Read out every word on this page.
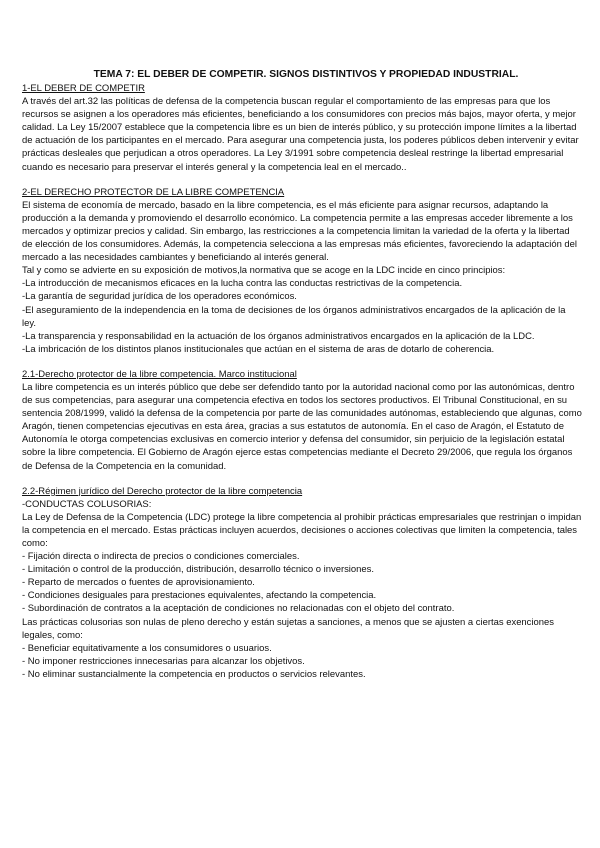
TEMA 7: EL DEBER DE COMPETIR. SIGNOS DISTINTIVOS Y PROPIEDAD INDUSTRIAL.

1-EL DEBER DE COMPETIR

A través del art.32 las políticas de defensa de la competencia buscan regular el comportamiento de las empresas para que los recursos se asignen a los operadores más eficientes, beneficiando a los consumidores con precios más bajos, mayor oferta, y mejor calidad. La Ley 15/2007 establece que la competencia libre es un bien de interés público, y su protección impone límites a la libertad de actuación de los participantes en el mercado. Para asegurar una competencia justa, los poderes públicos deben intervenir y evitar prácticas desleales que perjudican a otros operadores. La Ley 3/1991 sobre competencia desleal restringe la libertad empresarial cuando es necesario para preservar el interés general y la competencia leal en el mercado..

2-EL DERECHO PROTECTOR DE LA LIBRE COMPETENCIA

El sistema de economía de mercado, basado en la libre competencia, es el más eficiente para asignar recursos, adaptando la producción a la demanda y promoviendo el desarrollo económico. La competencia permite a las empresas acceder libremente a los mercados y optimizar precios y calidad. Sin embargo, las restricciones a la competencia limitan la variedad de la oferta y la libertad de elección de los consumidores. Además, la competencia selecciona a las empresas más eficientes, favoreciendo la adaptación del mercado a las necesidades cambiantes y beneficiando al interés general.

Tal y como se advierte en su exposición de motivos,la normativa que se acoge en la LDC incide en cinco principios:

-La introducción de mecanismos eficaces en la lucha contra las conductas restrictivas de la competencia.
-La garantía de seguridad jurídica de los operadores económicos.
-El aseguramiento de la independencia en la toma de decisiones de los órganos administrativos encargados de la aplicación de la ley.
-La transparencia y responsabilidad en la actuación de los órganos administrativos encargados en la aplicación de la LDC.
-La imbricación de los distintos planos institucionales que actúan en el sistema de aras de dotarlo de coherencia.

2.1-Derecho protector de la libre competencia. Marco institucional

La libre competencia es un interés público que debe ser defendido tanto por la autoridad nacional como por las autonómicas, dentro de sus competencias, para asegurar una competencia efectiva en todos los sectores productivos. El Tribunal Constitucional, en su sentencia 208/1999, validó la defensa de la competencia por parte de las comunidades autónomas, estableciendo que algunas, como Aragón, tienen competencias ejecutivas en esta área, gracias a sus estatutos de autonomía. En el caso de Aragón, el Estatuto de Autonomía le otorga competencias exclusivas en comercio interior y defensa del consumidor, sin perjuicio de la legislación estatal sobre la libre competencia. El Gobierno de Aragón ejerce estas competencias mediante el Decreto 29/2006, que regula los órganos de Defensa de la Competencia en la comunidad.

2.2-Régimen jurídico del Derecho protector de la libre competencia

-CONDUCTAS COLUSORIAS:

La Ley de Defensa de la Competencia (LDC) protege la libre competencia al prohibir prácticas empresariales que restrinjan o impidan la competencia en el mercado. Estas prácticas incluyen acuerdos, decisiones o acciones colectivas que limiten la competencia, tales como:

- Fijación directa o indirecta de precios o condiciones comerciales.
- Limitación o control de la producción, distribución, desarrollo técnico o inversiones.
- Reparto de mercados o fuentes de aprovisionamiento.
- Condiciones desiguales para prestaciones equivalentes, afectando la competencia.
- Subordinación de contratos a la aceptación de condiciones no relacionadas con el objeto del contrato.

Las prácticas colusorias son nulas de pleno derecho y están sujetas a sanciones, a menos que se ajusten a ciertas exenciones legales, como:

- Beneficiar equitativamente a los consumidores o usuarios.
- No imponer restricciones innecesarias para alcanzar los objetivos.
- No eliminar sustancialmente la competencia en productos o servicios relevantes.
